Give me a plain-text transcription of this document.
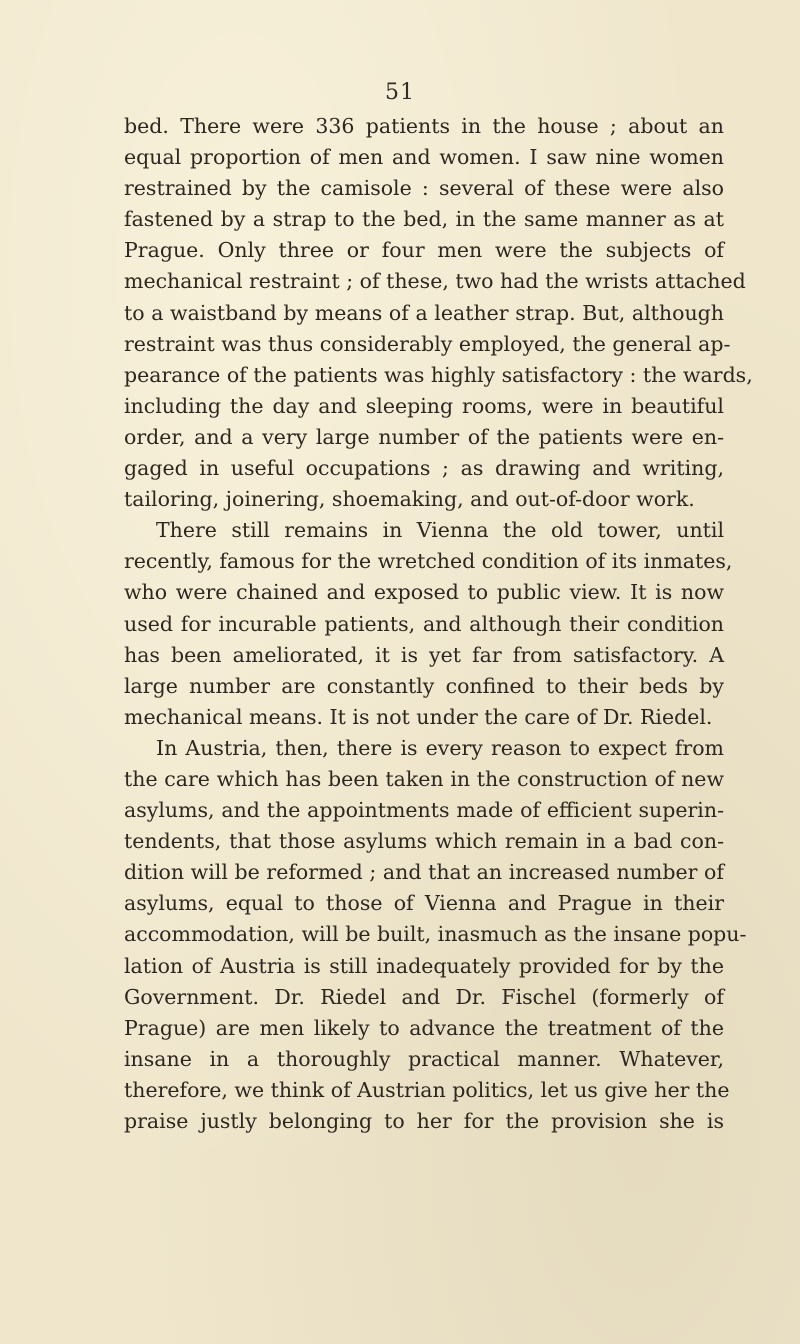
51
bed. There were 336 patients in the house ; about an
equal proportion of men and women. I saw nine women
restrained by the camisole : several of these were also
fastened by a strap to the bed, in the same manner as at
Prague. Only three or four men were the subjects of
mechanical restraint ; of these, two had the wrists attached
to a waistband by means of a leather strap. But, although
restraint was thus considerably employed, the general ap-
pearance of the patients was highly satisfactory : the wards,
including the day and sleeping rooms, were in beautiful
order, and a very large number of the patients were en-
gaged in useful occupations ; as drawing and writing,
tailoring, joinering, shoemaking, and out-of-door work.
There still remains in Vienna the old tower, until
recently, famous for the wretched condition of its inmates,
who were chained and exposed to public view. It is now
used for incurable patients, and although their condition
has been ameliorated, it is yet far from satisfactory. A
large number are constantly confined to their beds by
mechanical means. It is not under the care of Dr. Riedel.
In Austria, then, there is every reason to expect from
the care which has been taken in the construction of new
asylums, and the appointments made of efficient superin-
tendents, that those asylums which remain in a bad con-
dition will be reformed ; and that an increased number of
asylums, equal to those of Vienna and Prague in their
accommodation, will be built, inasmuch as the insane popu-
lation of Austria is still inadequately provided for by the
Government. Dr. Riedel and Dr. Fischel (formerly of
Prague) are men likely to advance the treatment of the
insane in a thoroughly practical manner. Whatever,
therefore, we think of Austrian politics, let us give her the
praise justly belonging to her for the provision she is
